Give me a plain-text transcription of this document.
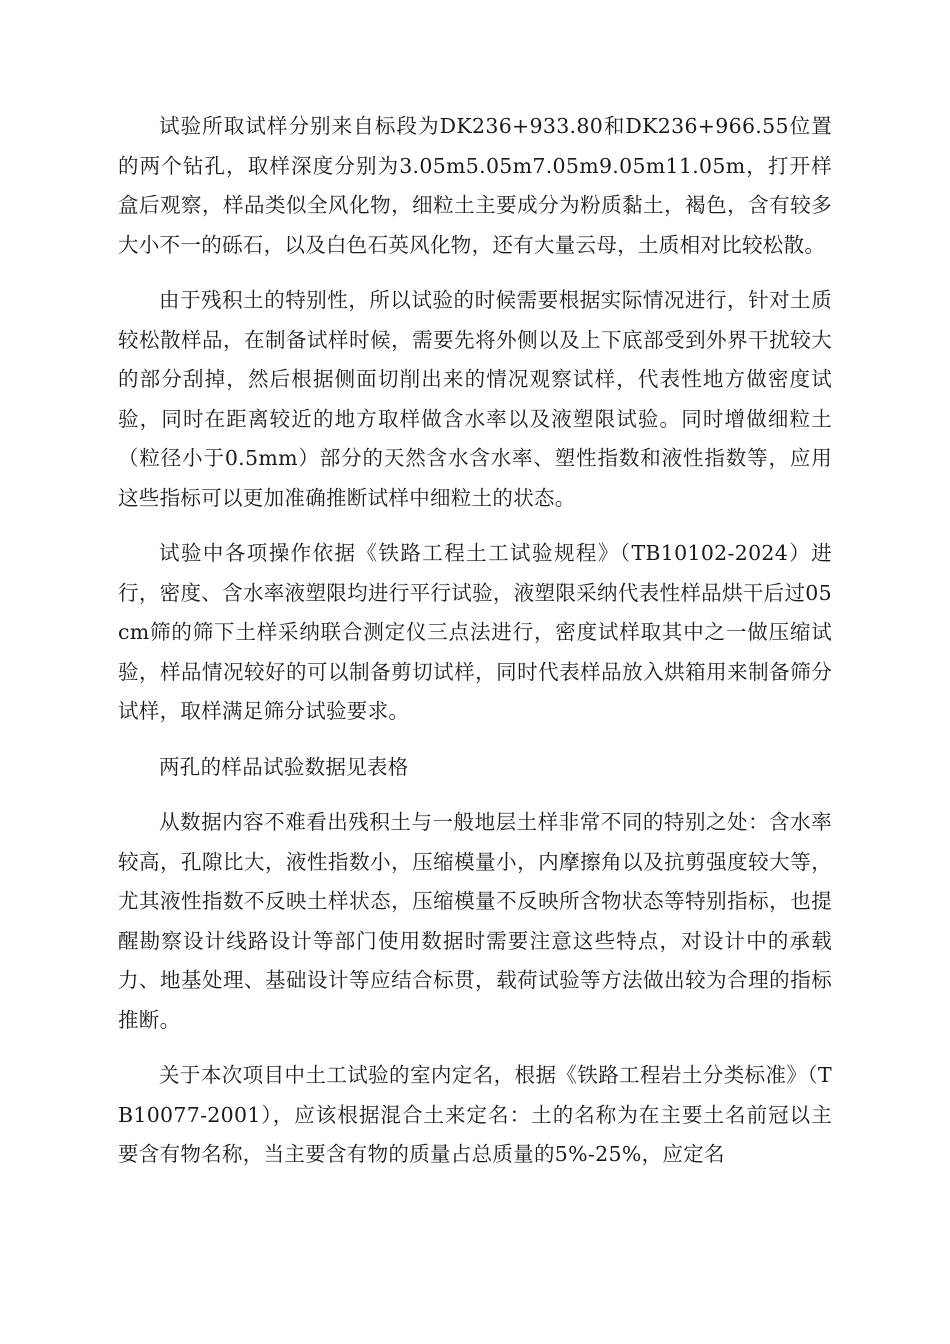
试验所取试样分别来自标段为DK236+933.80和DK236+966.55位置的两个钻孔，取样深度分别为3.05m5.05m7.05m9.05m11.05m，打开样盒后观察，样品类似全风化物，细粒土主要成分为粉质黏土，褐色，含有较多大小不一的砾石，以及白色石英风化物，还有大量云母，土质相对比较松散。

由于残积土的特别性，所以试验的时候需要根据实际情况进行，针对土质较松散样品，在制备试样时候，需要先将外侧以及上下底部受到外界干扰较大的部分刮掉，然后根据侧面切削出来的情况观察试样，代表性地方做密度试验，同时在距离较近的地方取样做含水率以及液塑限试验。同时增做细粒土（粒径小于0.5mm）部分的天然含水含水率、塑性指数和液性指数等，应用这些指标可以更加准确推断试样中细粒土的状态。

试验中各项操作依据《铁路工程土工试验规程》（TB10102-2024）进行，密度、含水率液塑限均进行平行试验，液塑限采纳代表性样品烘干后过05cm筛的筛下土样采纳联合测定仪三点法进行，密度试样取其中之一做压缩试验，样品情况较好的可以制备剪切试样，同时代表样品放入烘箱用来制备筛分试样，取样满足筛分试验要求。

两孔的样品试验数据见表格

从数据内容不难看出残积土与一般地层土样非常不同的特别之处：含水率较高，孔隙比大，液性指数小，压缩模量小，内摩擦角以及抗剪强度较大等，尤其液性指数不反映土样状态，压缩模量不反映所含物状态等特别指标，也提醒勘察设计线路设计等部门使用数据时需要注意这些特点，对设计中的承载力、地基处理、基础设计等应结合标贯，载荷试验等方法做出较为合理的指标推断。

关于本次项目中土工试验的室内定名，根据《铁路工程岩土分类标准》（TB10077-2001），应该根据混合土来定名：土的名称为在主要土名前冠以主要含有物名称，当主要含有物的质量占总质量的5%-25%，应定名
